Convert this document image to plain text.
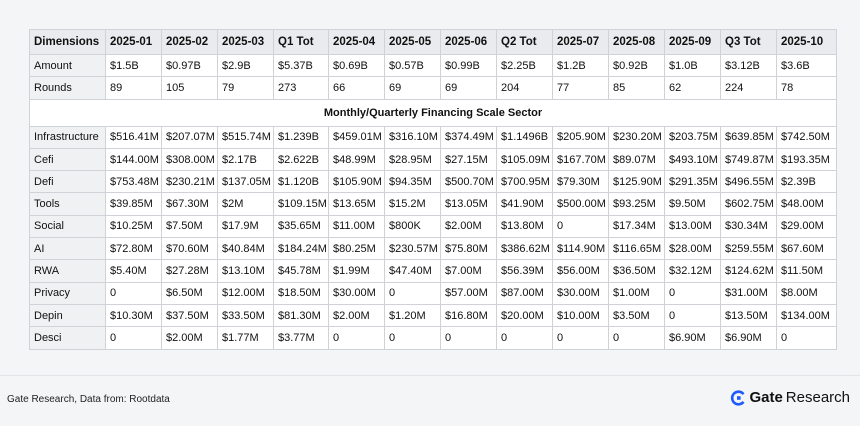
Dimensions	2025-01	2025-02	2025-03	Q1 Tot	2025-04	2025-05	2025-06	Q2 Tot	2025-07	2025-08	2025-09	Q3 Tot	2025-10
Amount	$1.5B	$0.97B	$2.9B	$5.37B	$0.69B	$0.57B	$0.99B	$2.25B	$1.2B	$0.92B	$1.0B	$3.12B	$3.6B
Rounds	89	105	79	273	66	69	69	204	77	85	62	224	78
Monthly/Quarterly Financing Scale Sector													
Infrastructure	$516.41M	$207.07M	$515.74M	$1.239B	$459.01M	$316.10M	$374.49M	$1.1496B	$205.90M	$230.20M	$203.75M	$639.85M	$742.50M
Cefi	$144.00M	$308.00M	$2.17B	$2.622B	$48.99M	$28.95M	$27.15M	$105.09M	$167.70M	$89.07M	$493.10M	$749.87M	$193.35M
Defi	$753.48M	$230.21M	$137.05M	$1.120B	$105.90M	$94.35M	$500.70M	$700.95M	$79.30M	$125.90M	$291.35M	$496.55M	$2.39B
Tools	$39.85M	$67.30M	$2M	$109.15M	$13.65M	$15.2M	$13.05M	$41.90M	$500.00M	$93.25M	$9.50M	$602.75M	$48.00M
Social	$10.25M	$7.50M	$17.9M	$35.65M	$11.00M	$800K	$2.00M	$13.80M	0	$17.34M	$13.00M	$30.34M	$29.00M
AI	$72.80M	$70.60M	$40.84M	$184.24M	$80.25M	$230.57M	$75.80M	$386.62M	$114.90M	$116.65M	$28.00M	$259.55M	$67.60M
RWA	$5.40M	$27.28M	$13.10M	$45.78M	$1.99M	$47.40M	$7.00M	$56.39M	$56.00M	$36.50M	$32.12M	$124.62M	$11.50M
Privacy	0	$6.50M	$12.00M	$18.50M	$30.00M	0	$57.00M	$87.00M	$30.00M	$1.00M	0	$31.00M	$8.00M
Depin	$10.30M	$37.50M	$33.50M	$81.30M	$2.00M	$1.20M	$16.80M	$20.00M	$10.00M	$3.50M	0	$13.50M	$134.00M
Desci	0	$2.00M	$1.77M	$3.77M	0	0	0	0	0	0	$6.90M	$6.90M	0
Gate Research, Data from: Rootdata	Gate Research
